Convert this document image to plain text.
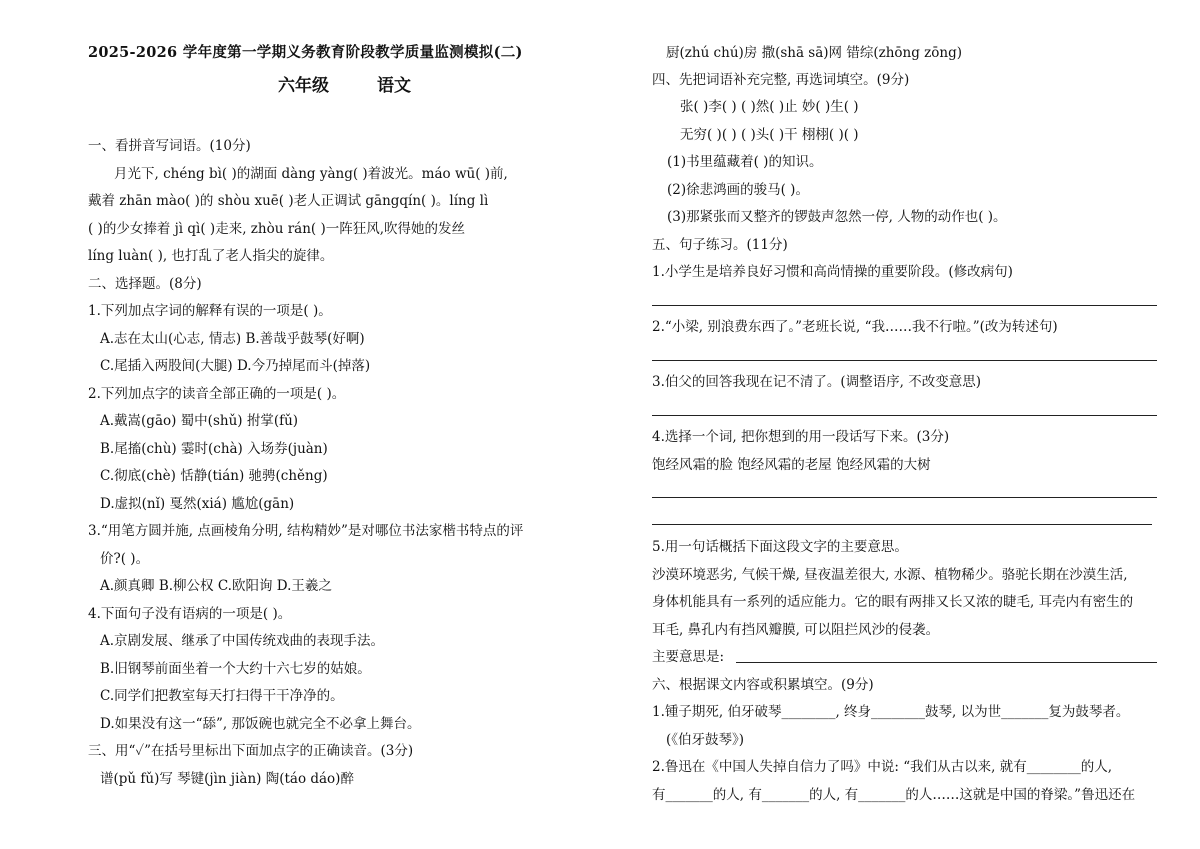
2025-2026 学年度第一学期义务教育阶段教学质量监测模拟(二)
六年级	语文
一、看拼音写词语。(10分)
月光下, chéng bì( )的湖面 dàng yàng( )着波光。máo wū( )前,
戴着 zhān mào( )的 shòu xuē( )老人正调试 gāngqín( )。líng lì
( )的少女捧着 jì qì( )走来, zhòu rán( )一阵狂风,吹得她的发丝
líng luàn( ), 也打乱了老人指尖的旋律。
二、选择题。(8分)
1.下列加点字词的解释有误的一项是( )。
A.志在太山(心志, 情志) B.善哉乎鼓琴(好啊)
C.尾插入两股间(大腿) D.今乃掉尾而斗(掉落)
2.下列加点字的读音全部正确的一项是( )。
A.戴嵩(gāo) 蜀中(shǔ) 拊掌(fǔ)
B.尾搐(chù) 霎时(chà) 入场券(juàn)
C.彻底(chè) 恬静(tián) 驰骋(chěng)
D.虚拟(nǐ) 戛然(xiá) 尴尬(gān)
3.“用笔方圆并施, 点画棱角分明, 结构精妙”是对哪位书法家楷书特点的评
价?( )。
A.颜真卿 B.柳公权 C.欧阳询 D.王羲之
4.下面句子没有语病的一项是( )。
A.京剧发展、继承了中国传统戏曲的表现手法。
B.旧钢琴前面坐着一个大约十六七岁的姑娘。
C.同学们把教室每天打扫得干干净净的。
D.如果没有这一“舔”, 那饭碗也就完全不必拿上舞台。
三、用“✓”在括号里标出下面加点字的正确读音。(3分)
谱(pǔ fǔ)写 琴键(jìn jiàn) 陶(táo dáo)醉
厨(zhú chú)房 撒(shā sā)网 错综(zhōng zōng)
四、先把词语补充完整, 再选词填空。(9分)
张( )李( ) ( )然( )止 妙( )生( )
无穷( )( ) ( )头( )干 栩栩( )( )
(1)书里蕴藏着( )的知识。
(2)徐悲鸿画的骏马( )。
(3)那紧张而又整齐的锣鼓声忽然一停, 人物的动作也( )。
五、句子练习。(11分)
1.小学生是培养良好习惯和高尚情操的重要阶段。(修改病句)
2.“小梁, 别浪费东西了。”老班长说, “我……我不行啦。”(改为转述句)
3.伯父的回答我现在记不清了。(调整语序, 不改变意思)
4.选择一个词, 把你想到的用一段话写下来。(3分)
饱经风霜的脸 饱经风霜的老屋 饱经风霜的大树
5.用一句话概括下面这段文字的主要意思。
沙漠环境恶劣, 气候干燥, 昼夜温差很大, 水源、植物稀少。骆驼长期在沙漠生活,
身体机能具有一系列的适应能力。它的眼有两排又长又浓的睫毛, 耳壳内有密生的
耳毛, 鼻孔内有挡风瓣膜, 可以阻拦风沙的侵袭。
主要意思是:
六、根据课文内容或积累填空。(9分)
1.锺子期死, 伯牙破琴________, 终身________鼓琴, 以为世_______复为鼓琴者。
(《伯牙鼓琴》)
2.鲁迅在《中国人失掉自信力了吗》中说: “我们从古以来, 就有________的人,
有_______的人, 有_______的人, 有_______的人……这就是中国的脊梁。”鲁迅还在
